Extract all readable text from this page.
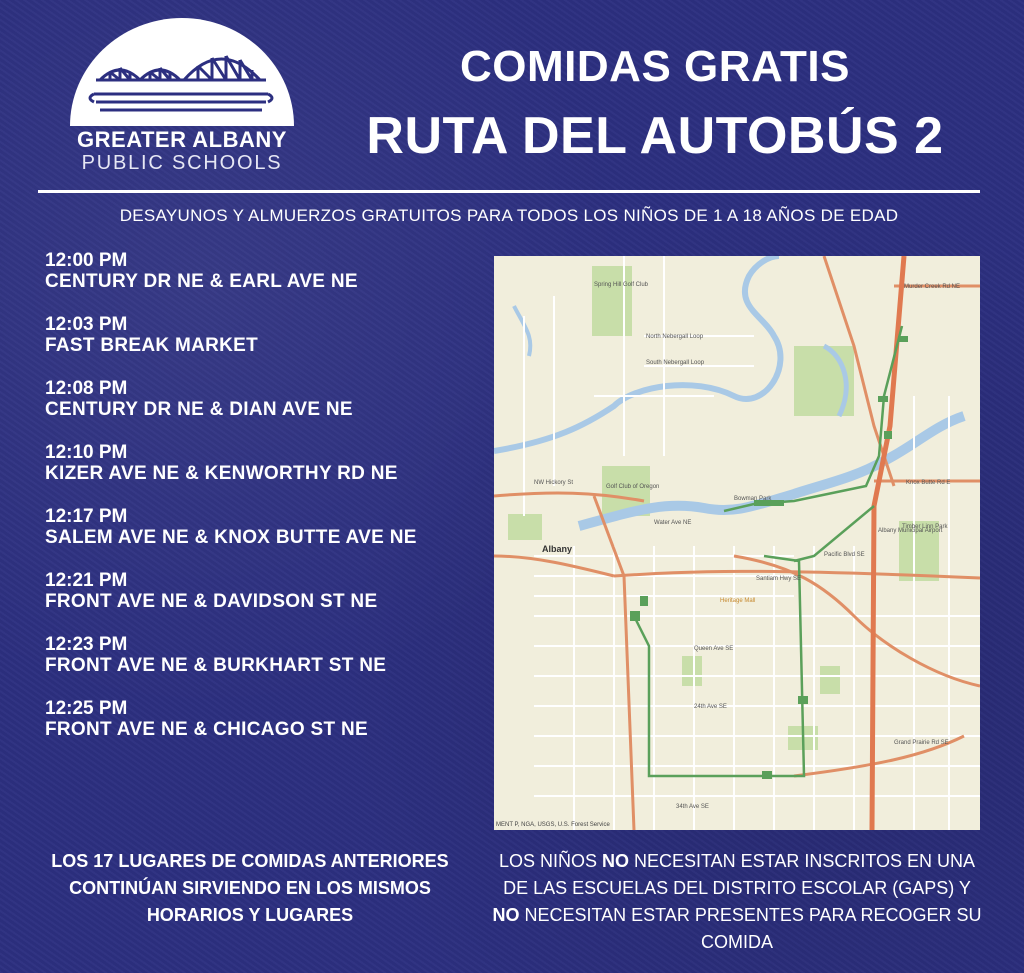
GREATER ALBANY
PUBLIC SCHOOLS
COMIDAS GRATIS
RUTA DEL AUTOBÚS 2
DESAYUNOS Y ALMUERZOS GRATUITOS PARA TODOS LOS NIÑOS DE 1 A 18 AÑOS DE EDAD
12:00 PM
CENTURY DR NE & EARL AVE NE
12:03 PM
FAST BREAK MARKET
12:08 PM
CENTURY DR NE & DIAN AVE NE
12:10 PM
KIZER AVE NE & KENWORTHY RD NE
12:17 PM
SALEM AVE NE & KNOX BUTTE AVE NE
12:21 PM
FRONT AVE NE & DAVIDSON ST NE
12:23 PM
FRONT AVE NE & BURKHART ST NE
12:25 PM
FRONT AVE NE & CHICAGO ST NE
Albany
Murder Creek Rd NE
Knox Butte Rd E
Santiam Hwy SE
Pacific Blvd SE
Queen Ave SE
Grand Prairie Rd SE
Heritage Mall
NW Hickory St
North Nebergall Loop
South Nebergall Loop
Water Ave NE
Golf Club of Oregon
Spring Hill Golf Club
24th Ave SE
34th Ave SE
Timber Linn Park
Albany Municipal Airport
Bowman Park
MENT P, NGA, USGS, U.S. Forest Service
LOS 17 LUGARES DE COMIDAS ANTERIORES CONTINÚAN SIRVIENDO EN LOS MISMOS HORARIOS Y LUGARES
LOS NIÑOS NO NECESITAN ESTAR INSCRITOS EN UNA DE LAS ESCUELAS DEL DISTRITO ESCOLAR (GAPS) Y NO NECESITAN ESTAR PRESENTES PARA RECOGER SU COMIDA
